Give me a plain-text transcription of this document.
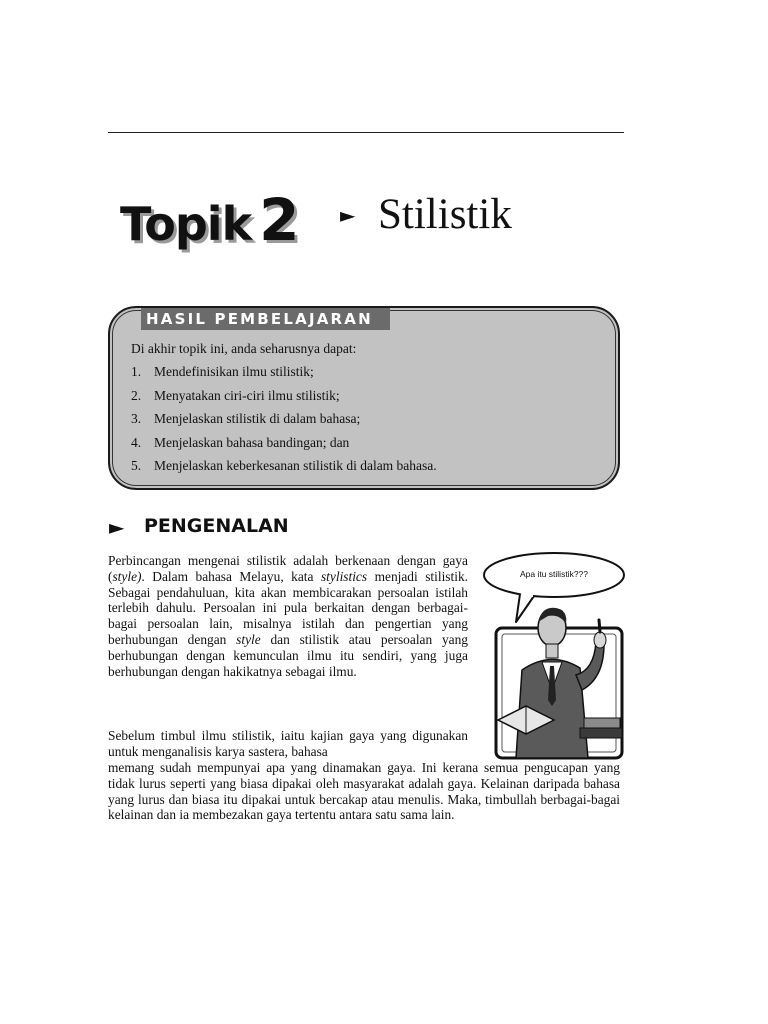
Topik 2 ► Stilistik
HASIL PEMBELAJARAN
Di akhir topik ini, anda seharusnya dapat:
1. Mendefinisikan ilmu stilistik;
2. Menyatakan ciri-ciri ilmu stilistik;
3. Menjelaskan stilistik di dalam bahasa;
4. Menjelaskan bahasa bandingan; dan
5. Menjelaskan keberkesanan stilistik di dalam bahasa.
► PENGENALAN

Perbincangan mengenai stilistik adalah berkenaan dengan gaya (style). Dalam bahasa Melayu, kata stylistics menjadi stilistik. Sebagai pendahuluan, kita akan membicarakan persoalan istilah terlebih dahulu. Persoalan ini pula berkaitan dengan berbagai-bagai persoalan lain, misalnya istilah dan pengertian yang berhubungan dengan style dan stilistik atau persoalan yang berhubungan dengan kemunculan ilmu itu sendiri, yang juga berhubungan dengan hakikatnya sebagai ilmu.

Sebelum timbul ilmu stilistik, iaitu kajian gaya yang digunakan untuk menganalisis karya sastera, bahasa

memang sudah mempunyai apa yang dinamakan gaya. Ini kerana semua pengucapan yang tidak lurus seperti yang biasa dipakai oleh masyarakat adalah gaya. Kelainan daripada bahasa yang lurus dan biasa itu dipakai untuk bercakap atau menulis. Maka, timbullah berbagai-bagai kelainan dan ia membezakan gaya tertentu antara satu sama lain.

Apa itu stilistik???
